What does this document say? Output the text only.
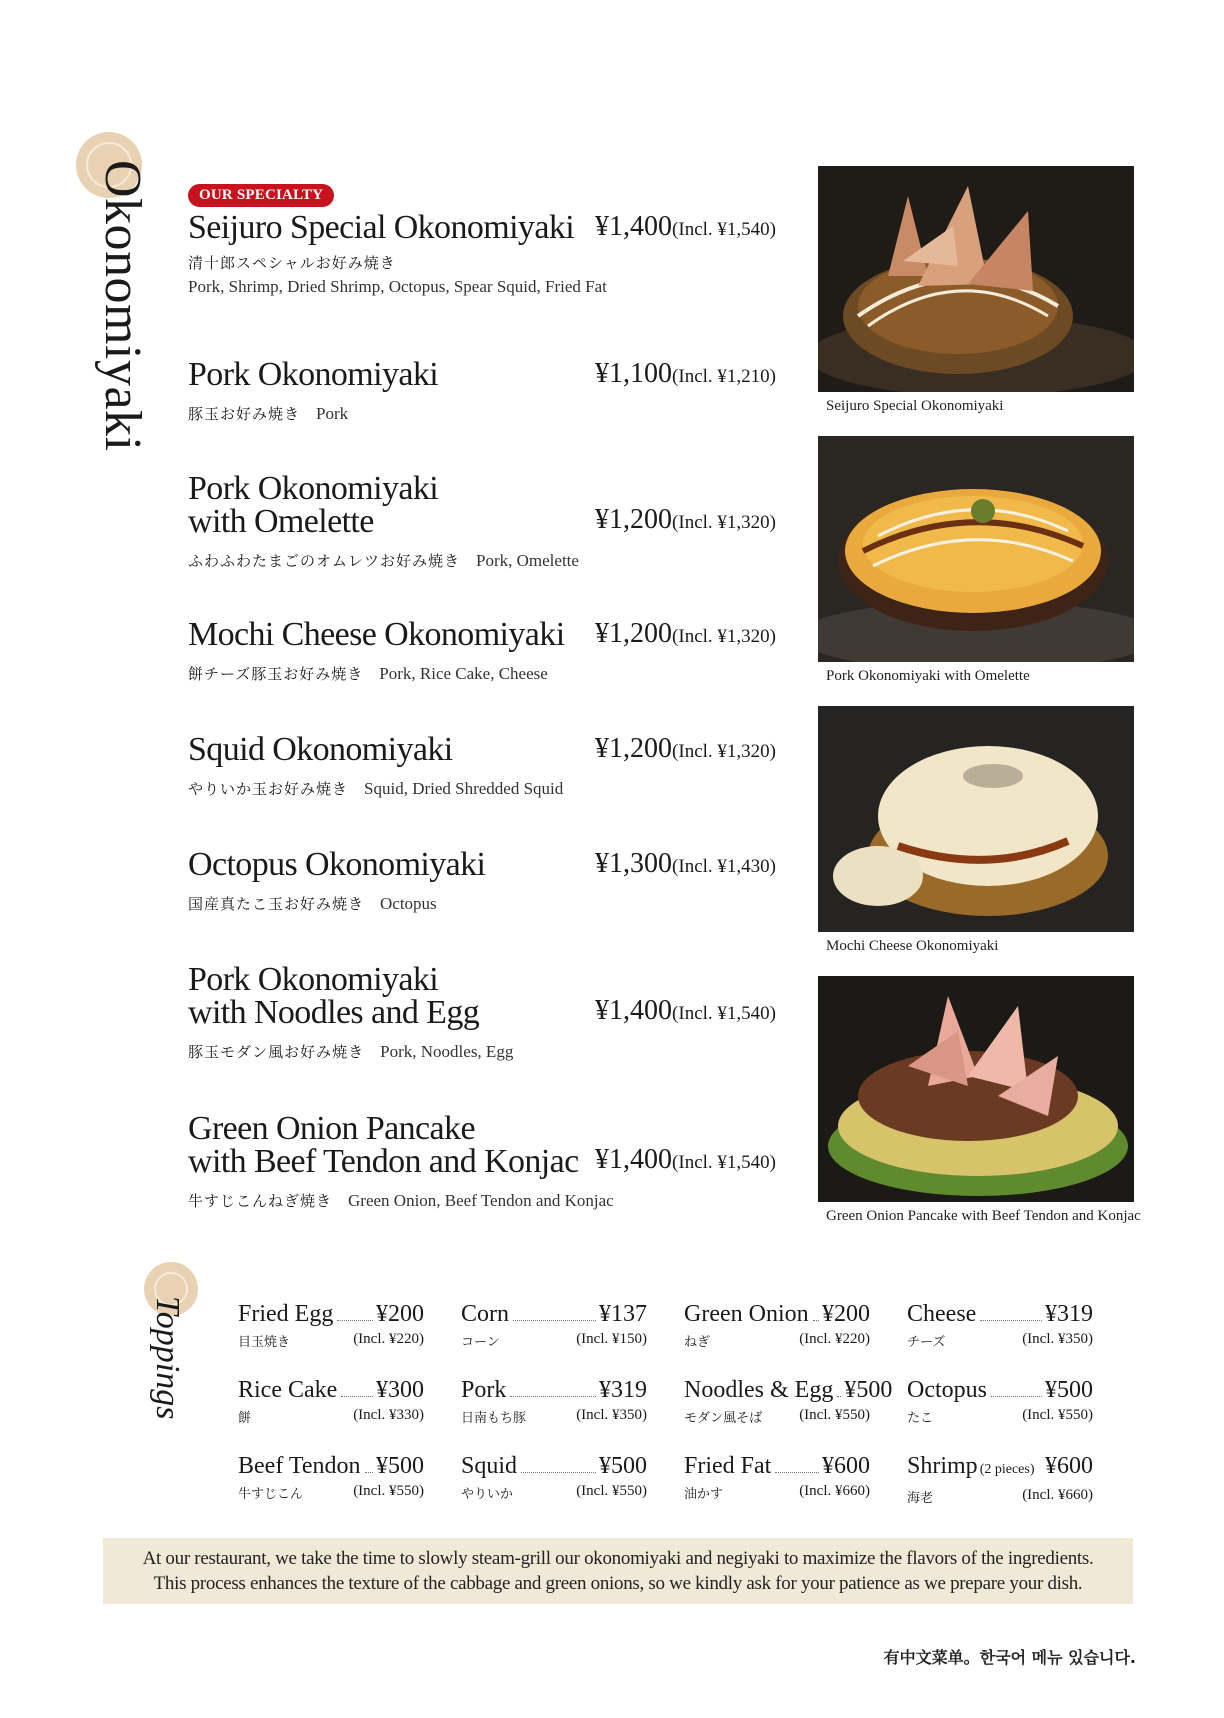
Okonomiyaki	OUR SPECIALTY
Seijuro Special Okonomiyaki ¥1,400(Incl. ¥1,540)
清十郎スペシャルお好み焼き
Pork, Shrimp, Dried Shrimp, Octopus, Spear Squid, Fried Fat
Pork Okonomiyaki	¥1,100(Incl. ¥1,210)
豚玉お好み焼き Pork
Pork Okonomiyaki
with Omelette	¥1,200(Incl. ¥1,320)
ふわふわたまごのオムレツお好み焼き Pork, Omelette
Mochi Cheese Okonomiyaki	¥1,200(Incl. ¥1,320)
餅チーズ豚玉お好み焼き Pork, Rice Cake, Cheese
Squid Okonomiyaki	¥1,200(Incl. ¥1,320)
やりいか玉お好み焼き Squid, Dried Shredded Squid
Octopus Okonomiyaki	¥1,300(Incl. ¥1,430)
国産真たこ玉お好み焼き Octopus
Pork Okonomiyaki
with Noodles and Egg	¥1,400(Incl. ¥1,540)
豚玉モダン風お好み焼き Pork, Noodles, Egg
Green Onion Pancake
with Beef Tendon and Konjac ¥1,400(Incl. ¥1,540)
牛すじこんねぎ焼き Green Onion, Beef Tendon and Konjac
Seijuro Special Okonomiyaki
Pork Okonomiyaki with Omelette
Mochi Cheese Okonomiyaki
Green Onion Pancake with Beef Tendon and Konjac
Toppings Fried Egg ¥200
目玉焼き	(Incl. ¥220)
Corn	¥137
コーン	(Incl. ¥150)
Green Onion ¥200
ねぎ	(Incl. ¥220)
Cheese	¥319
チーズ	(Incl. ¥350)
Rice Cake ¥300
餅	(Incl. ¥330)
Pork	¥319
日南もち豚	(Incl. ¥350)
Noodles & Egg ¥500
モダン風そば (Incl. ¥550)
Octopus ¥500
たこ	(Incl. ¥550)
Beef Tendon ¥500
牛すじこん	(Incl. ¥550)
Squid	¥500
やりいか	(Incl. ¥550)
Fried Fat ¥600
油かす	(Incl. ¥660)
Shrimp (2 pieces) ¥600
海老	(Incl. ¥660)
At our restaurant, we take the time to slowly steam-grill our okonomiyaki and negiyaki to maximize the flavors of the ingredients.
This process enhances the texture of the cabbage and green onions, so we kindly ask for your patience as we prepare your dish.
有中文菜单。한국어 메뉴 있습니다.
